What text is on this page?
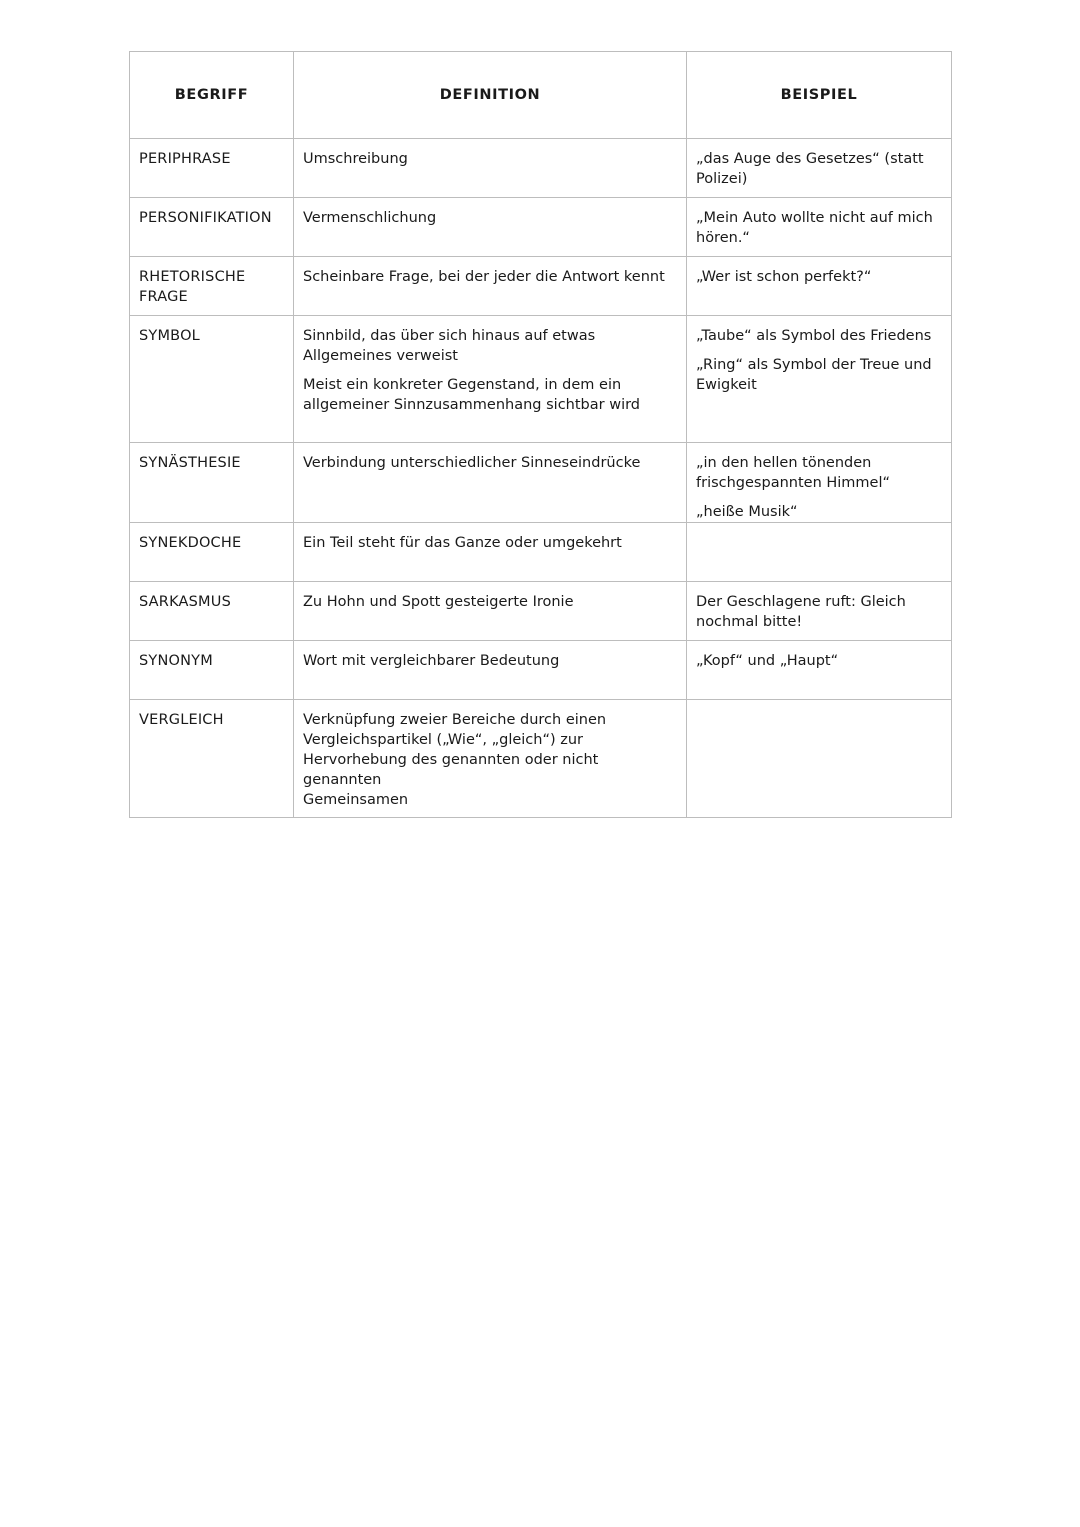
BEGRIFF	DEFINITION	BEISPIEL

PERIPHRASE	Umschreibung	„das Auge des Gesetzes“ (statt
Polizei)

PERSONIFIKATION	Vermenschlichung	„Mein Auto wollte nicht auf mich
hören.“

RHETORISCHE
FRAGE	Scheinbare Frage, bei der jeder die Antwort kennt	„Wer ist schon perfekt?“

SYMBOL	Sinnbild, das über sich hinaus auf etwas
Allgemeines verweist
Meist ein konkreter Gegenstand, in dem ein
allgemeiner Sinnzusammenhang sichtbar wird	„Taube“ als Symbol des Friedens
„Ring“ als Symbol der Treue und
Ewigkeit

SYNÄSTHESIE	Verbindung unterschiedlicher Sinneseindrücke	„in den hellen tönenden
frischgespannten Himmel“
„heiße Musik“

SYNEKDOCHE	Ein Teil steht für das Ganze oder umgekehrt	

SARKASMUS	Zu Hohn und Spott gesteigerte Ironie	Der Geschlagene ruft: Gleich
nochmal bitte!

SYNONYM	Wort mit vergleichbarer Bedeutung	„Kopf“ und „Haupt“

VERGLEICH	Verknüpfung zweier Bereiche durch einen
Vergleichspartikel („Wie“, „gleich“) zur
Hervorhebung des genannten oder nicht genannten
Gemeinsamen	
